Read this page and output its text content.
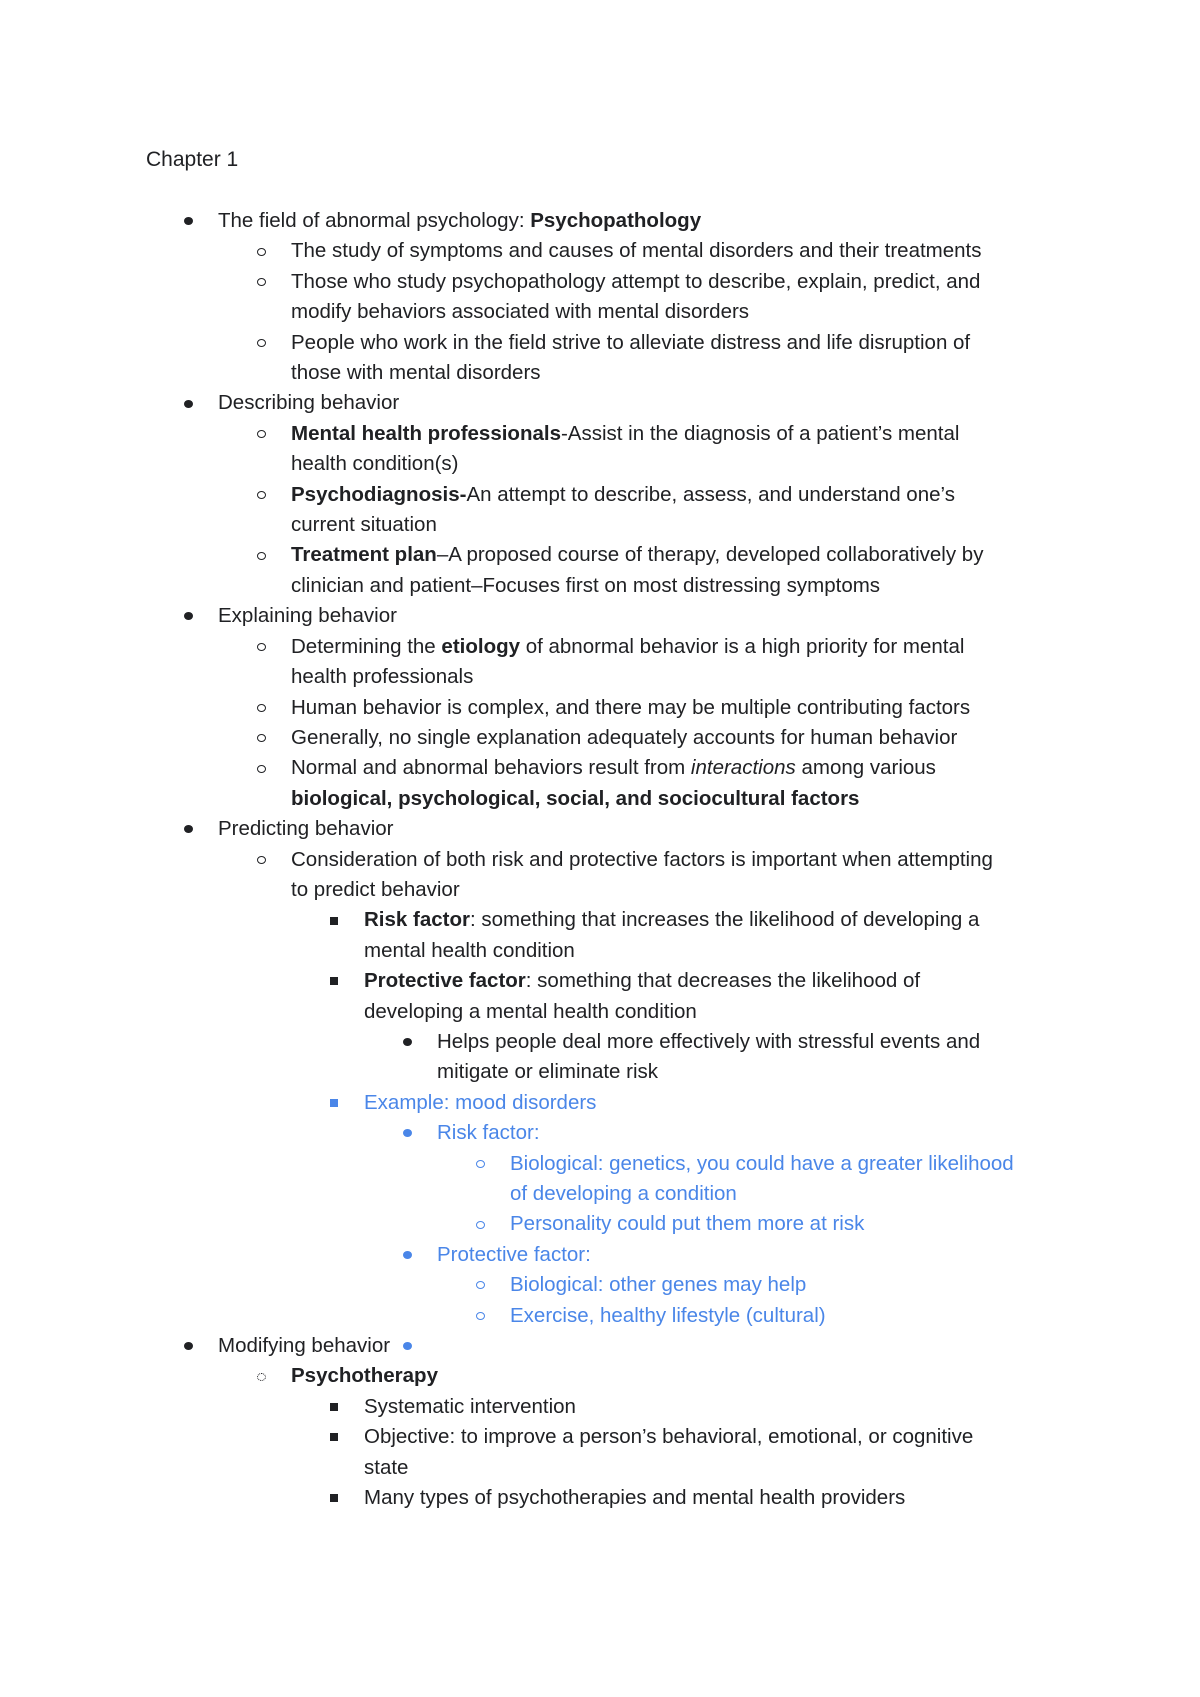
Chapter 1
The field of abnormal psychology: Psychopathology
The study of symptoms and causes of mental disorders and their treatments
Those who study psychopathology attempt to describe, explain, predict, and
modify behaviors associated with mental disorders
People who work in the field strive to alleviate distress and life disruption of
those with mental disorders
Describing behavior
Mental health professionals-Assist in the diagnosis of a patient’s mental
health condition(s)
Psychodiagnosis-An attempt to describe, assess, and understand one’s
current situation
Treatment plan–A proposed course of therapy, developed collaboratively by
clinician and patient–Focuses first on most distressing symptoms
Explaining behavior
Determining the etiology of abnormal behavior is a high priority for mental
health professionals
Human behavior is complex, and there may be multiple contributing factors
Generally, no single explanation adequately accounts for human behavior
Normal and abnormal behaviors result from interactions among various
biological, psychological, social, and sociocultural factors
Predicting behavior
Consideration of both risk and protective factors is important when attempting
to predict behavior
Risk factor: something that increases the likelihood of developing a
mental health condition
Protective factor: something that decreases the likelihood of
developing a mental health condition
Helps people deal more effectively with stressful events and
mitigate or eliminate risk
Example: mood disorders
Risk factor:
Biological: genetics, you could have a greater likelihood
of developing a condition
Personality could put them more at risk
Protective factor:
Biological: other genes may help
Exercise, healthy lifestyle (cultural)
Modifying behavior
Psychotherapy
Systematic intervention
Objective: to improve a person’s behavioral, emotional, or cognitive
state
Many types of psychotherapies and mental health providers
